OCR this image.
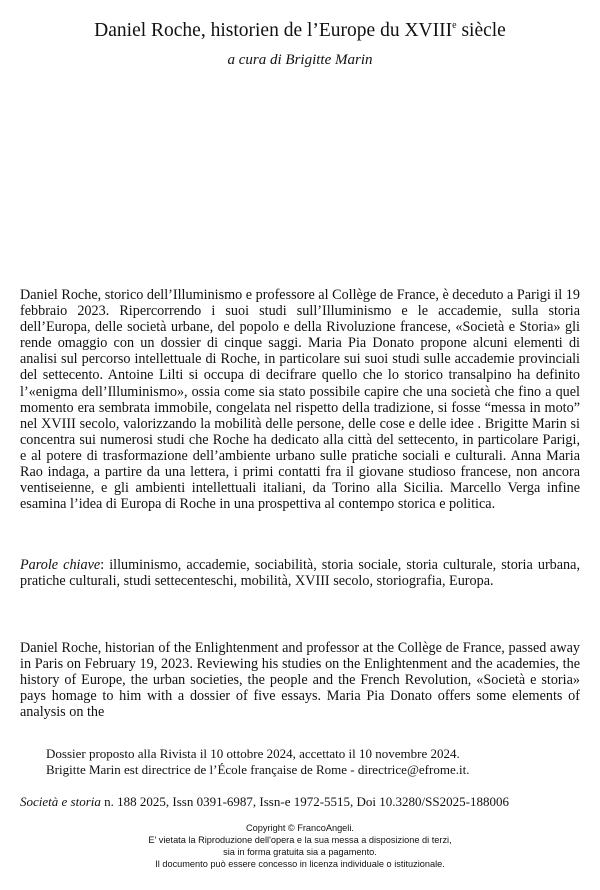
Daniel Roche, historien de l’Europe du XVIIIe siècle
a cura di Brigitte Marin

Daniel Roche, storico dell’Illuminismo e professore al Collège de France, è deceduto a Parigi il 19 febbraio 2023. Ripercorrendo i suoi studi sull’Illuminismo e le accademie, sulla storia dell’Europa, delle società urbane, del popolo e della Rivoluzione francese, «Società e Storia» gli rende omaggio con un dossier di cinque saggi. Maria Pia Donato propone alcuni elementi di analisi sul percorso intellettuale di Roche, in particolare sui suoi studi sulle accademie provinciali del settecento. Antoine Lilti si occupa di decifrare quello che lo storico transalpino ha definito l’«enigma dell’Illuminismo», ossia come sia stato possibile capire che una società che fino a quel momento era sembrata immobile, congelata nel rispetto della tradizione, si fosse “messa in moto” nel XVIII secolo, valorizzando la mobilità delle persone, delle cose e delle idee . Brigitte Marin si concentra sui numerosi studi che Roche ha dedicato alla città del settecento, in particolare Parigi, e al potere di trasformazione dell’ambiente urbano sulle pratiche sociali e culturali. Anna Maria Rao indaga, a partire da una lettera, i primi contatti fra il giovane studioso francese, non ancora ventiseienne, e gli ambienti intellettuali italiani, da Torino alla Sicilia. Marcello Verga infine esamina l’idea di Europa di Roche in una prospettiva al contempo storica e politica.

Parole chiave: illuminismo, accademie, sociabilità, storia sociale, storia culturale, storia urbana, pratiche culturali, studi settecenteschi, mobilità, XVIII secolo, storiografia, Europa.

Daniel Roche, historian of the Enlightenment and professor at the Collège de France, passed away in Paris on February 19, 2023. Reviewing his studies on the Enlightenment and the academies, the history of Europe, the urban societies, the people and the French Revolution, «Società e storia» pays homage to him with a dossier of five essays. Maria Pia Donato offers some elements of analysis on the

Dossier proposto alla Rivista il 10 ottobre 2024, accettato il 10 novembre 2024.
Brigitte Marin est directrice de l’École française de Rome - directrice@efrome.it.
Società e storia n. 188 2025, Issn 0391-6987, Issn-e 1972-5515, Doi 10.3280/SS2025-188006
Copyright © FrancoAngeli.
E' vietata la Riproduzione dell'opera e la sua messa a disposizione di terzi,
sia in forma gratuita sia a pagamento.
Il documento può essere concesso in licenza individuale o istituzionale.
